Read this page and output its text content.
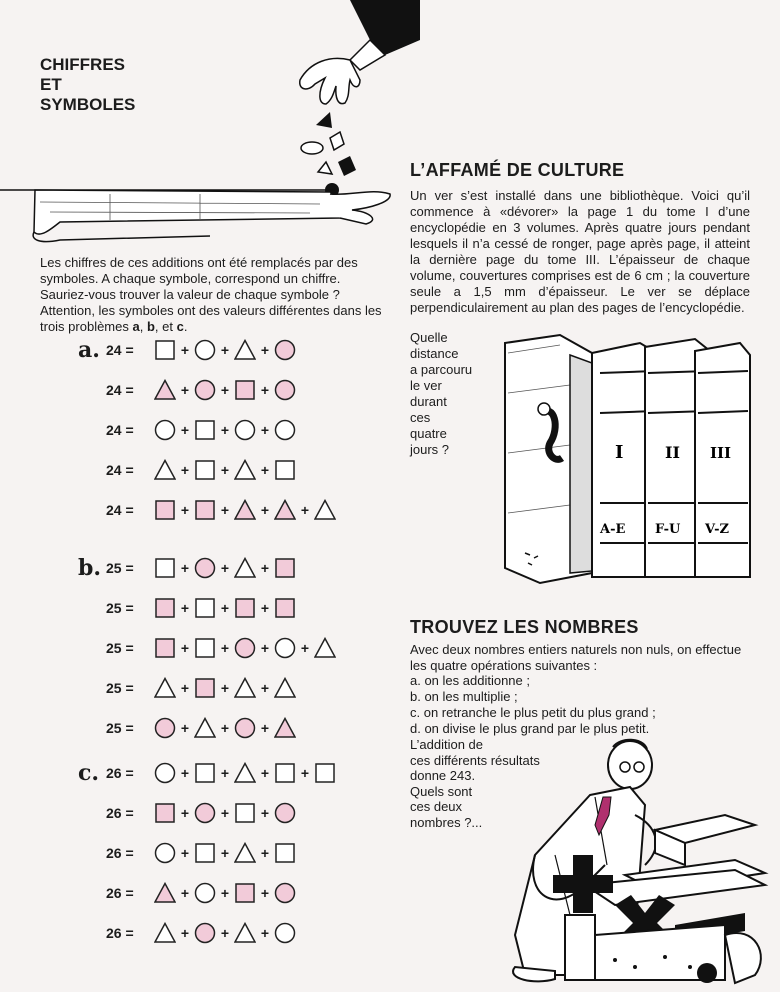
CHIFFRES
ET
SYMBOLES

Les chiffres de ces additions ont été remplacés par des symboles. A chaque symbole, correspond un chiffre. Sauriez-vous trouver la valeur de chaque symbole ? Attention, les symboles ont des valeurs différentes dans les trois problèmes a, b, et c.

a. 24 =	+ + +
24 =	+ + +
24 =	+ + +
24 =	+ + +
24 =	+ + + +
b. 25 =	+ + +
25 =	+ + +
25 =	+ + + +
25 =	+ + +
25 =	+ + +
c. 26 =	+ + + +
26 =	+ + +
26 =	+ + +
26 =	+ + +
26 =	+ + +
L’AFFAMÉ DE CULTURE

Un ver s’est installé dans une bibliothèque. Voici qu’il commence à «dévorer» la page 1 du tome I d’une encyclopédie en 3 volumes. Après quatre jours pendant lesquels il n’a cessé de ronger, page après page, il atteint la dernière page du tome III. L’épaisseur de chaque volume, couvertures comprises est de 6 cm ; la couverture seule a 1,5 mm d’épaisseur. Le ver se déplace perpendiculairement au plan des pages de l’encyclopédie.

Quelle
distance
a parcouru
le ver
durant
ces
quatre
jours ?	I	II III
A-E F-U V-Z
TROUVEZ LES NOMBRES

Avec deux nombres entiers naturels non nuls, on effectue les quatre opérations suivantes :

a. on les additionne ;
b. on les multiplie ;
c. on retranche le plus petit du plus grand ;
d. on divise le plus grand par le plus petit.
L’addition de
ces différents résultats
donne 243.
Quels sont
ces deux
nombres ?...
